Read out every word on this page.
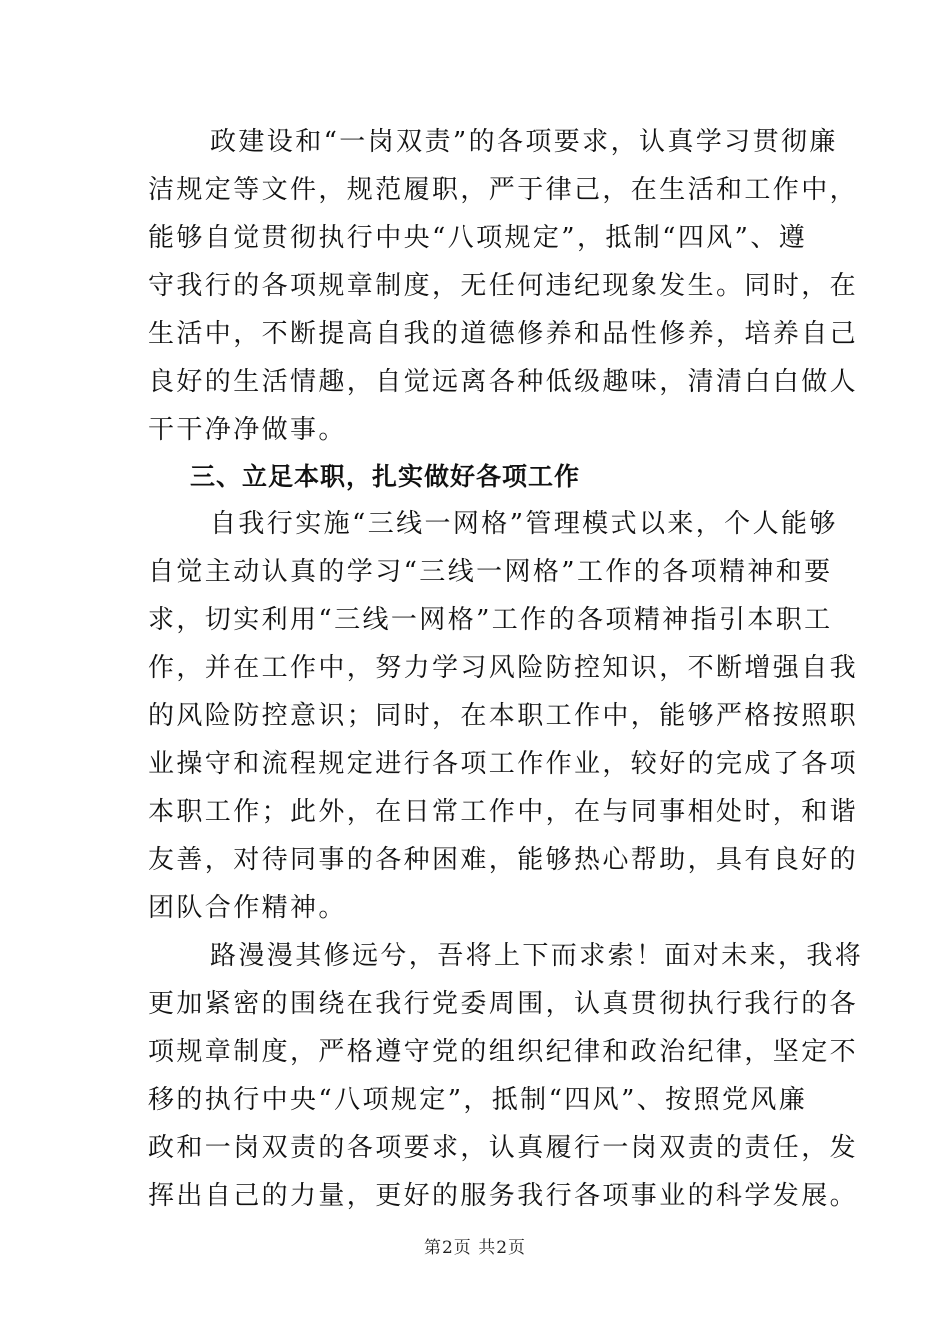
政建设和“一岗双责”的各项要求，认真学习贯彻廉
洁规定等文件，规范履职，严于律己，在生活和工作中，
能够自觉贯彻执行中央“八项规定”，抵制“四风”、遵
守我行的各项规章制度，无任何违纪现象发生。同时，在
生活中，不断提高自我的道德修养和品性修养，培养自己
良好的生活情趣，自觉远离各种低级趣味，清清白白做人
干干净净做事。
三、立足本职，扎实做好各项工作
自我行实施“三线一网格”管理模式以来，个人能够
自觉主动认真的学习“三线一网格”工作的各项精神和要
求，切实利用“三线一网格”工作的各项精神指引本职工
作，并在工作中，努力学习风险防控知识，不断增强自我
的风险防控意识；同时，在本职工作中，能够严格按照职
业操守和流程规定进行各项工作作业，较好的完成了各项
本职工作；此外，在日常工作中，在与同事相处时，和谐
友善，对待同事的各种困难，能够热心帮助，具有良好的
团队合作精神。
路漫漫其修远兮，吾将上下而求索！面对未来，我将
更加紧密的围绕在我行党委周围，认真贯彻执行我行的各
项规章制度，严格遵守党的组织纪律和政治纪律，坚定不
移的执行中央“八项规定”，抵制“四风”、按照党风廉
政和一岗双责的各项要求，认真履行一岗双责的责任，发
挥出自己的力量，更好的服务我行各项事业的科学发展。
第2页 共2页
